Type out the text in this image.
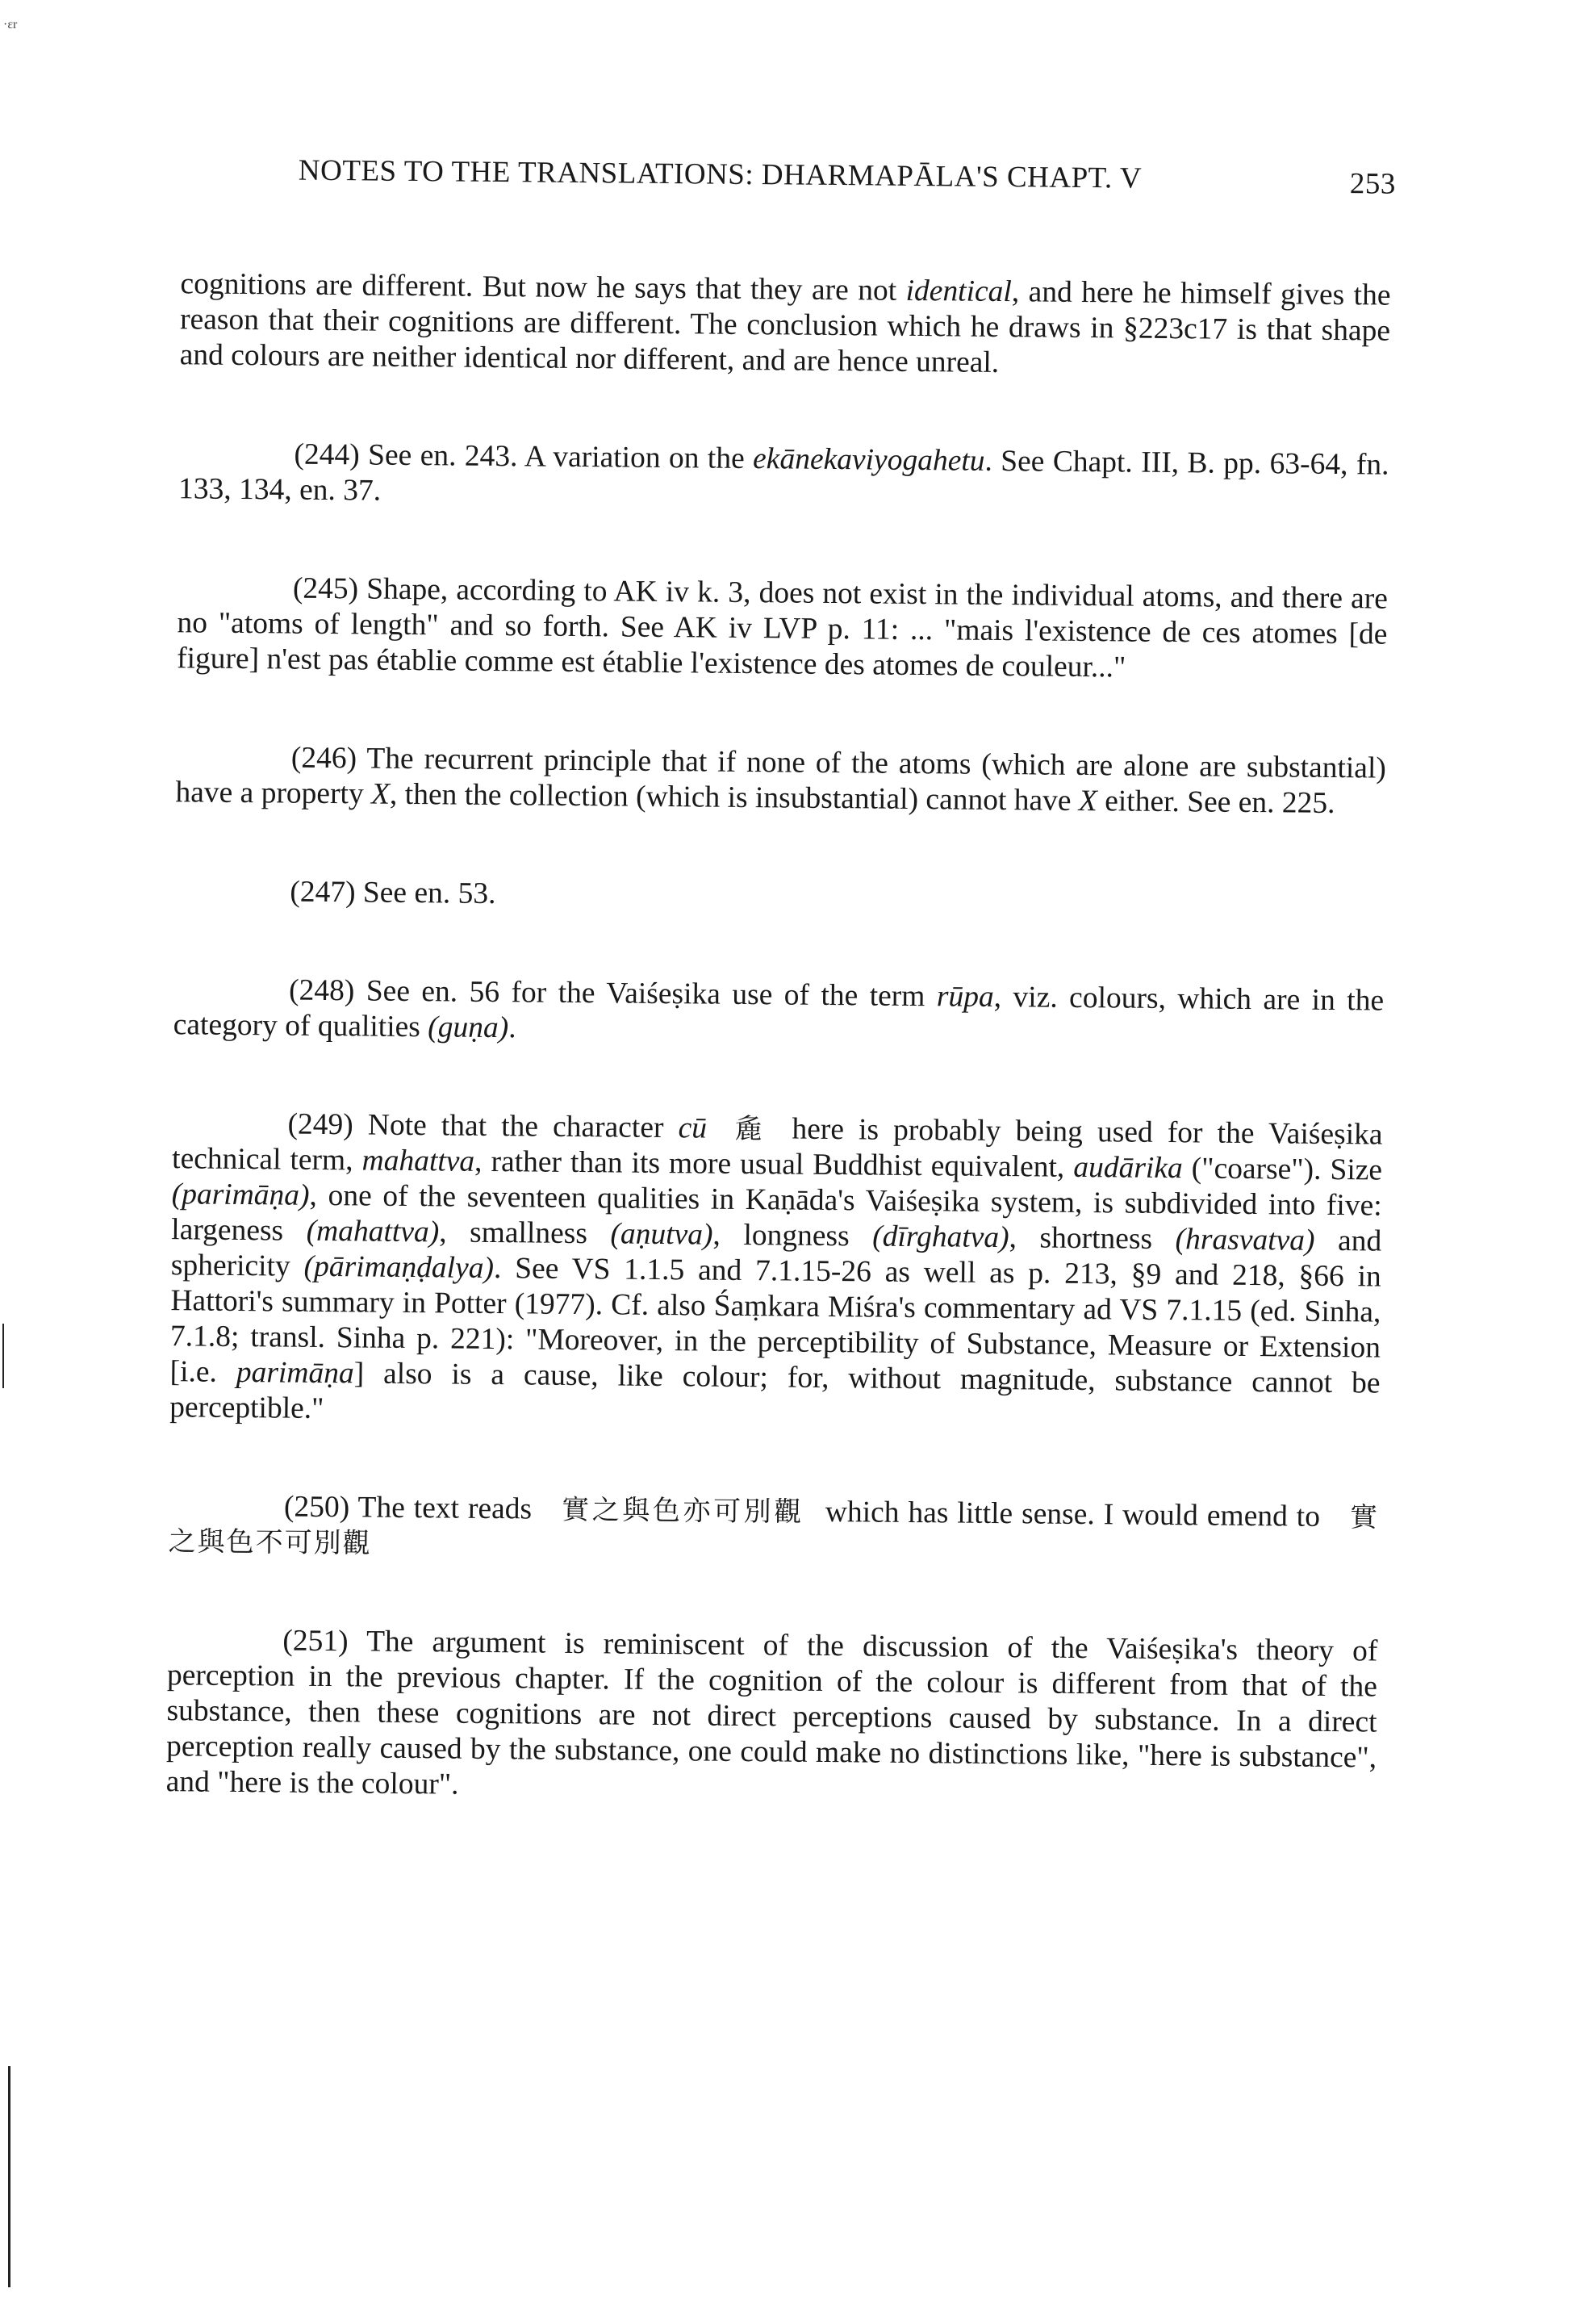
·εr
NOTES TO THE TRANSLATIONS: DHARMAPĀLA'S CHAPT. V	253

cognitions are different. But now he says that they are not identical, and here he himself gives the reason that their cognitions are different. The conclusion which he draws in §223c17 is that shape and colours are neither identical nor different, and are hence unreal.

(244) See en. 243. A variation on the ekānekaviyogahetu. See Chapt. III, B. pp. 63-64, fn. 133, 134, en. 37.

(245) Shape, according to AK iv k. 3, does not exist in the individual atoms, and there are no "atoms of length" and so forth. See AK iv LVP p. 11: ... "mais l'existence de ces atomes [de figure] n'est pas établie comme est établie l'existence des atomes de couleur..."

(246) The recurrent principle that if none of the atoms (which are alone are substantial) have a property X, then the collection (which is insubstantial) cannot have X either. See en. 225.

(247) See en. 53.

(248) See en. 56 for the Vaiśeṣika use of the term rūpa, viz. colours, which are in the category of qualities (guṇa).

(249) Note that the character cū 麁 here is probably being used for the Vaiśeṣika technical term, mahattva, rather than its more usual Buddhist equivalent, audārika ("coarse"). Size (parimāṇa), one of the seventeen qualities in Kaṇāda's Vaiśeṣika system, is subdivided into five: largeness (mahattva), smallness (aṇutva), longness (dīrghatva), shortness (hrasvatva) and sphericity (pārimaṇḍalya). See VS 1.1.5 and 7.1.15-26 as well as p. 213, §9 and 218, §66 in Hattori's summary in Potter (1977). Cf. also Śaṃkara Miśra's commentary ad VS 7.1.15 (ed. Sinha, 7.1.8; transl. Sinha p. 221): "Moreover, in the perceptibility of Substance, Measure or Extension [i.e. parimāṇa] also is a cause, like colour; for, without magnitude, substance cannot be perceptible."

(250) The text reads 實之與色亦可別觀 which has little sense. I would emend to 實之與色不可別觀

(251) The argument is reminiscent of the discussion of the Vaiśeṣika's theory of perception in the previous chapter. If the cognition of the colour is different from that of the substance, then these cognitions are not direct perceptions caused by substance. In a direct perception really caused by the substance, one could make no distinctions like, "here is substance", and "here is the colour".
